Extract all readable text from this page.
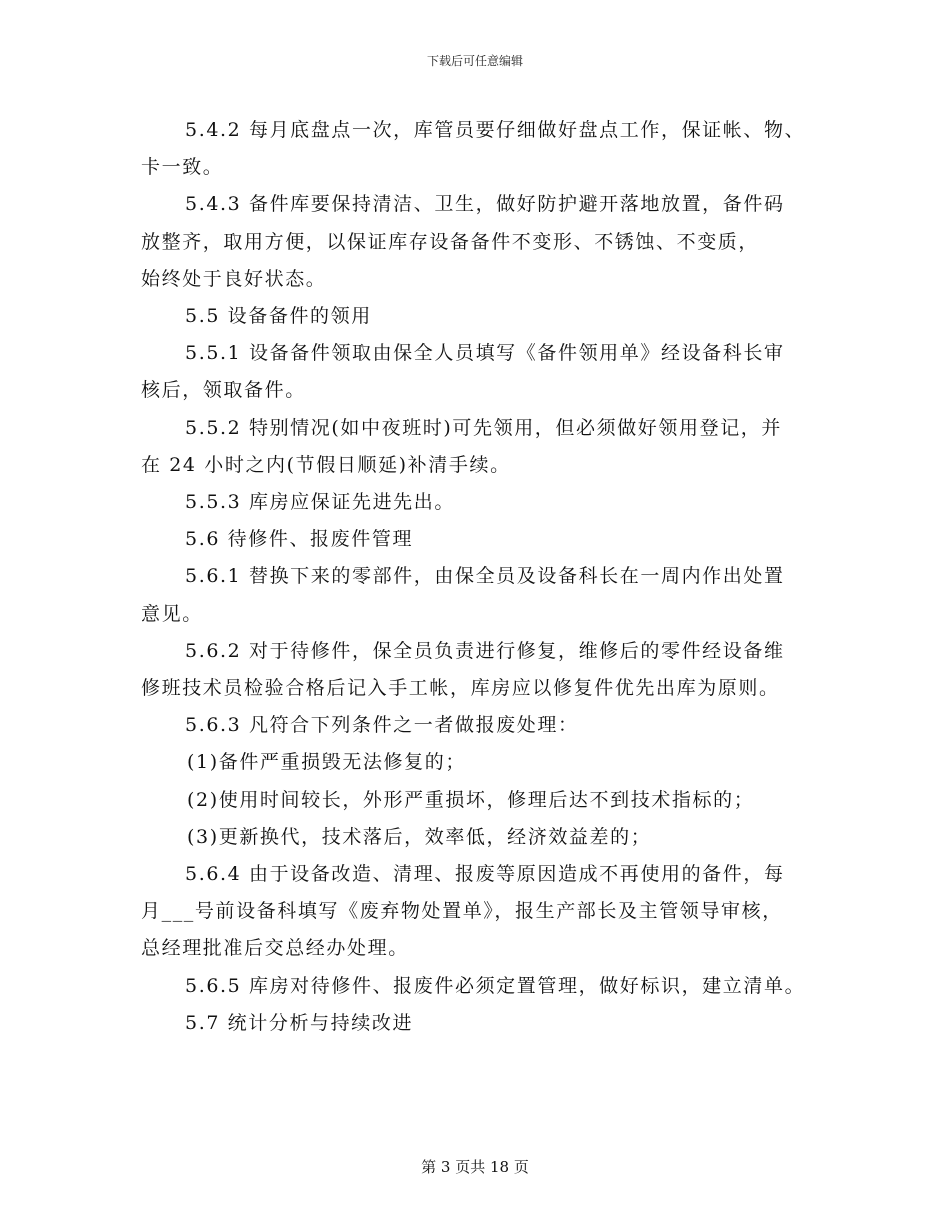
下载后可任意编辑
5.4.2 每月底盘点一次，库管员要仔细做好盘点工作，保证帐、物、
卡一致。
5.4.3 备件库要保持清洁、卫生，做好防护避开落地放置，备件码
放整齐，取用方便，以保证库存设备备件不变形、不锈蚀、不变质，
始终处于良好状态。
5.5 设备备件的领用
5.5.1 设备备件领取由保全人员填写《备件领用单》经设备科长审
核后，领取备件。
5.5.2 特别情况(如中夜班时)可先领用，但必须做好领用登记，并
在 24 小时之内(节假日顺延)补清手续。
5.5.3 库房应保证先进先出。
5.6 待修件、报废件管理
5.6.1 替换下来的零部件，由保全员及设备科长在一周内作出处置
意见。
5.6.2 对于待修件，保全员负责进行修复，维修后的零件经设备维
修班技术员检验合格后记入手工帐，库房应以修复件优先出库为原则。
5.6.3 凡符合下列条件之一者做报废处理：
(1)备件严重损毁无法修复的；
(2)使用时间较长，外形严重损坏，修理后达不到技术指标的；
(3)更新换代，技术落后，效率低，经济效益差的；
5.6.4 由于设备改造、清理、报废等原因造成不再使用的备件，每
月___号前设备科填写《废弃物处置单》，报生产部长及主管领导审核，
总经理批准后交总经办处理。
5.6.5 库房对待修件、报废件必须定置管理，做好标识，建立清单。
5.7 统计分析与持续改进
第 3 页共 18 页
